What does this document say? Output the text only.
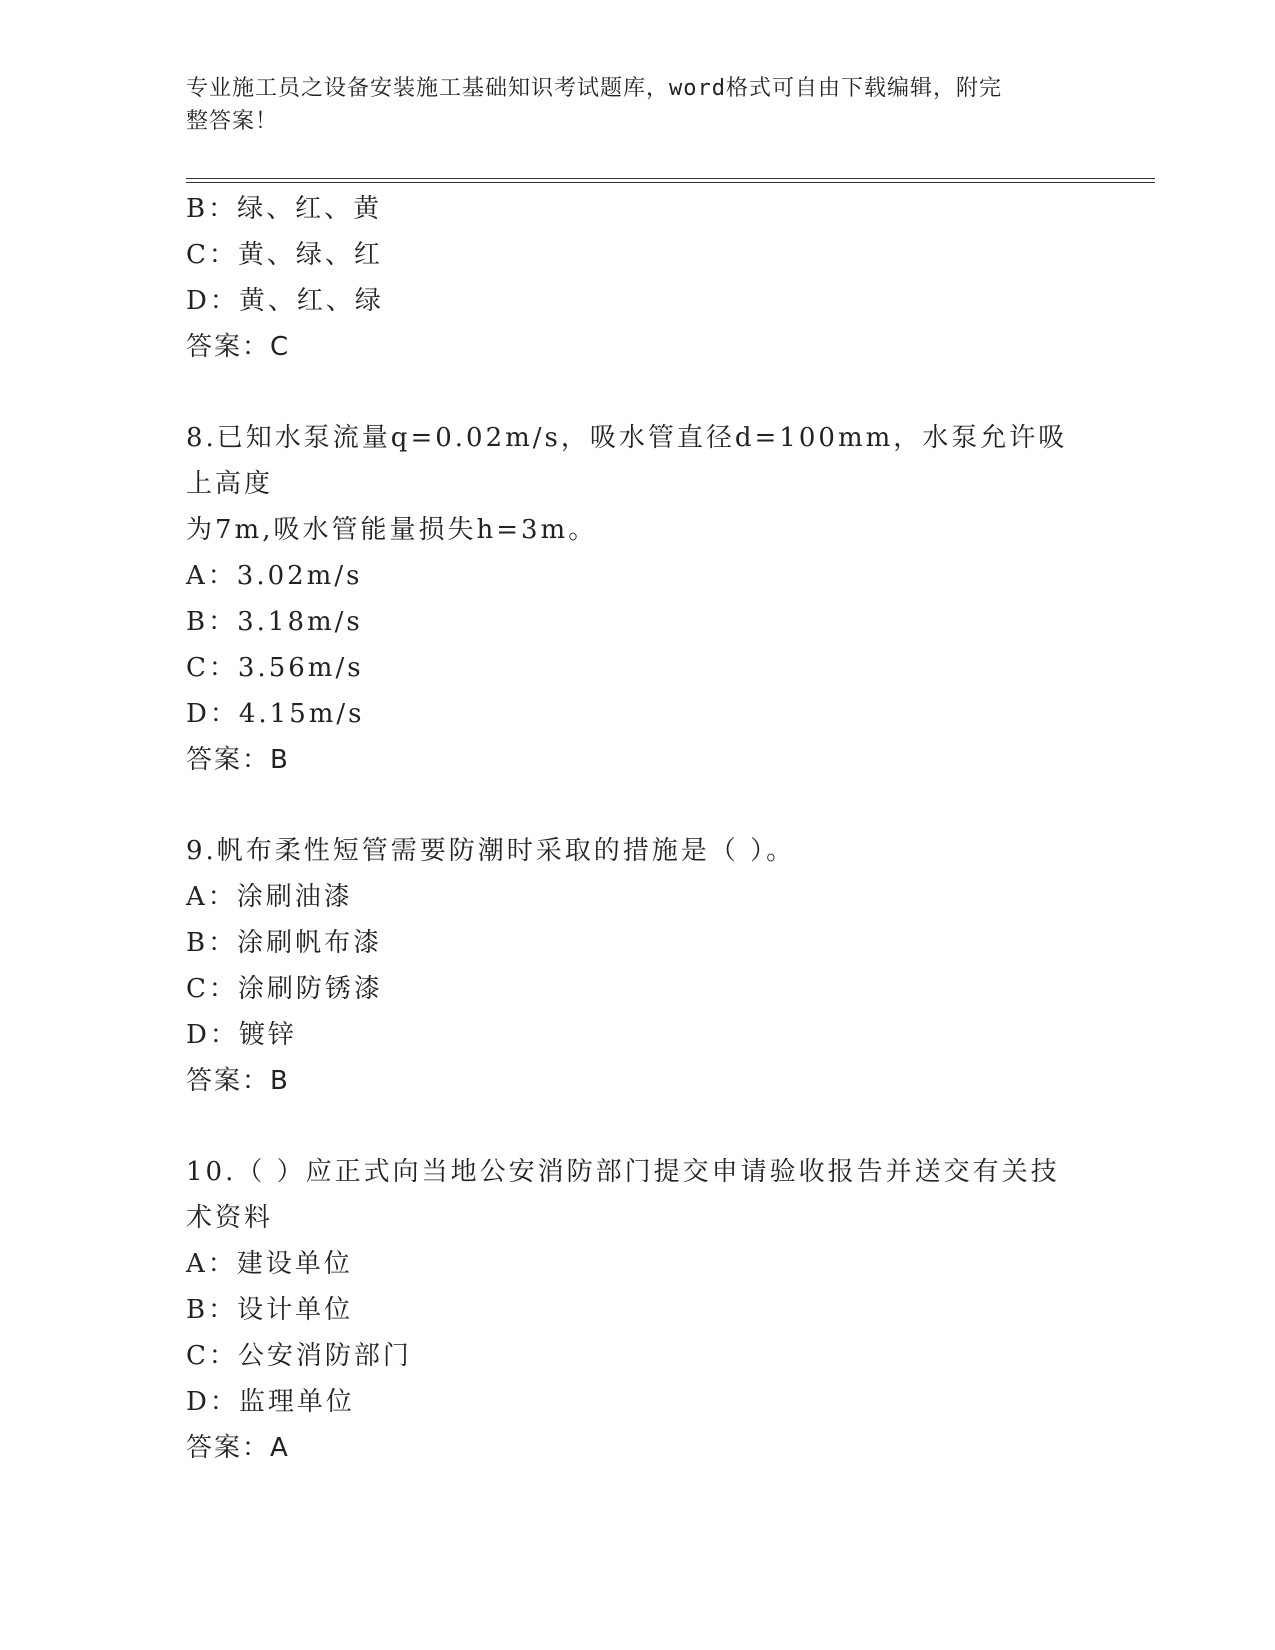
专业施工员之设备安装施工基础知识考试题库，word格式可自由下载编辑，附完
整答案！
B：绿、红、黄
C：黄、绿、红
D：黄、红、绿
答案：C
8.已知水泵流量q=0.02m/s，吸水管直径d=100mm，水泵允许吸上高度
为7m,吸水管能量损失h=3m。
A：3.02m/s
B：3.18m/s
C：3.56m/s
D：4.15m/s
答案：B
9.帆布柔性短管需要防潮时采取的措施是（ ）。
A：涂刷油漆
B：涂刷帆布漆
C：涂刷防锈漆
D：镀锌
答案：B
10.（ ）应正式向当地公安消防部门提交申请验收报告并送交有关技
术资料
A：建设单位
B：设计单位
C：公安消防部门
D：监理单位
答案：A
